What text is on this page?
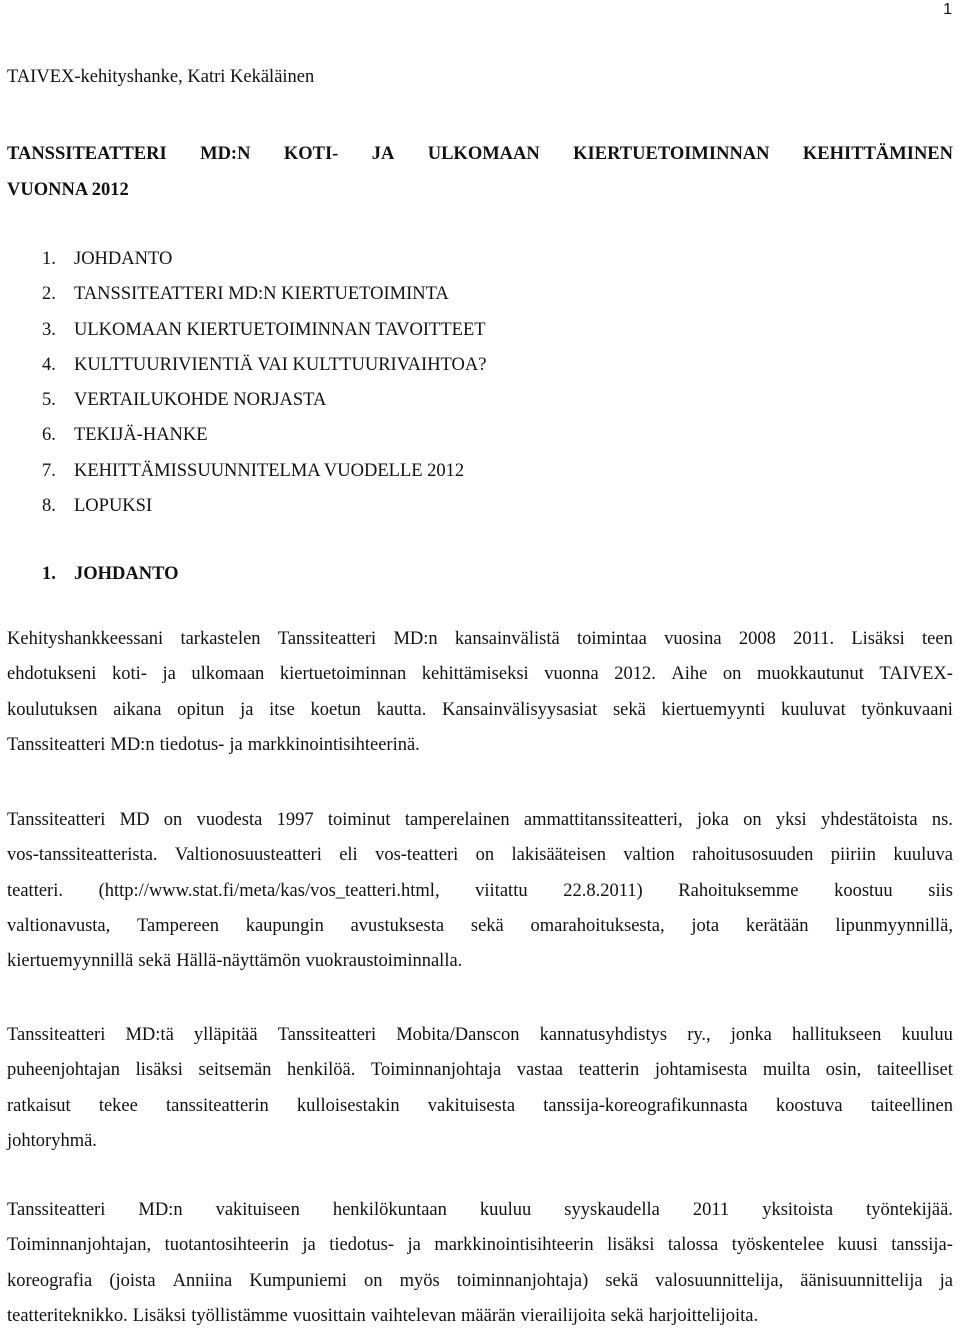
1
TAIVEX-kehityshanke, Katri Kekäläinen
TANSSITEATTERI MD:N KOTI- JA ULKOMAAN KIERTUETOIMINNAN KEHITTÄMINEN
VUONNA 2012
1. JOHDANTO
2. TANSSITEATTERI MD:N KIERTUETOIMINTA
3. ULKOMAAN KIERTUETOIMINNAN TAVOITTEET
4. KULTTUURIVIENTIÄ VAI KULTTUURIVAIHTOA?
5. VERTAILUKOHDE NORJASTA
6. TEKIJÄ-HANKE
7. KEHITTÄMISSUUNNITELMA VUODELLE 2012
8. LOPUKSI
1. JOHDANTO
Kehityshankkeessani tarkastelen Tanssiteatteri MD:n kansainvälistä toimintaa vuosina 2008 2011. Lisäksi teen
ehdotukseni koti- ja ulkomaan kiertuetoiminnan kehittämiseksi vuonna 2012. Aihe on muokkautunut TAIVEX-
koulutuksen aikana opitun ja itse koetun kautta. Kansainvälisyysasiat sekä kiertuemyynti kuuluvat työnkuvaani
Tanssiteatteri MD:n tiedotus- ja markkinointisihteerinä.
Tanssiteatteri MD on vuodesta 1997 toiminut tamperelainen ammattitanssiteatteri, joka on yksi yhdestätoista ns.
vos-tanssiteatterista. Valtionosuusteatteri eli vos-teatteri on lakisääteisen valtion rahoitusosuuden piiriin kuuluva
teatteri. (http://www.stat.fi/meta/kas/vos_teatteri.html, viitattu 22.8.2011) Rahoituksemme koostuu siis
valtionavusta, Tampereen kaupungin avustuksesta sekä omarahoituksesta, jota kerätään lipunmyynnillä,
kiertuemyynnillä sekä Hällä-näyttämön vuokraustoiminnalla.
Tanssiteatteri MD:tä ylläpitää Tanssiteatteri Mobita/Danscon kannatusyhdistys ry., jonka hallitukseen kuuluu
puheenjohtajan lisäksi seitsemän henkilöä. Toiminnanjohtaja vastaa teatterin johtamisesta muilta osin, taiteelliset
ratkaisut tekee tanssiteatterin kulloisestakin vakituisesta tanssija-koreografikunnasta koostuva taiteellinen
johtoryhmä.
Tanssiteatteri MD:n vakituiseen henkilökuntaan kuuluu syyskaudella 2011 yksitoista työntekijää.
Toiminnanjohtajan, tuotantosihteerin ja tiedotus- ja markkinointisihteerin lisäksi talossa työskentelee kuusi tanssija-
koreografia (joista Anniina Kumpuniemi on myös toiminnanjohtaja) sekä valosuunnittelija, äänisuunnittelija ja
teatteriteknikko. Lisäksi työllistämme vuosittain vaihtelevan määrän vierailijoita sekä harjoittelijoita.
